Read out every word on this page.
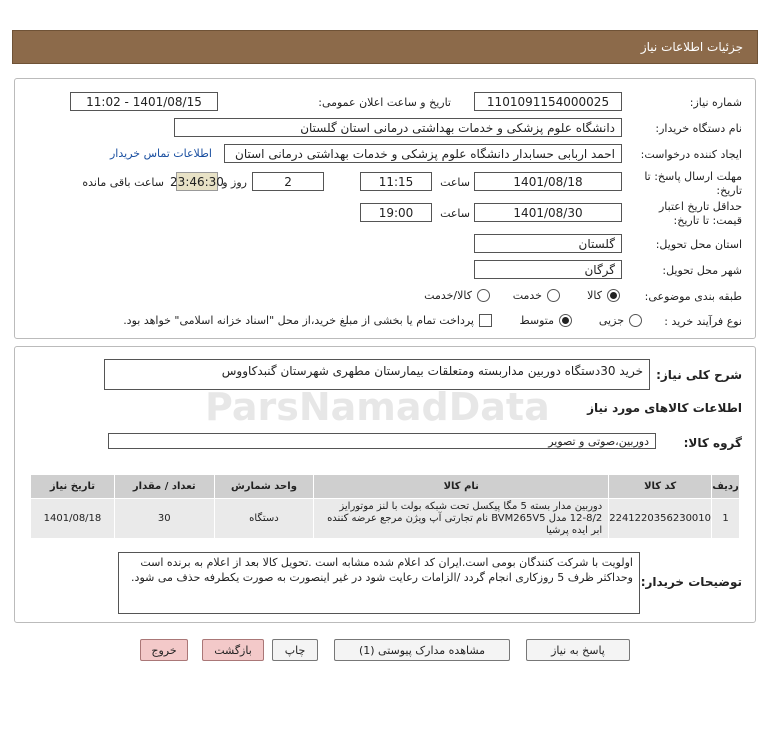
جزئیات اطلاعات نیاز
شماره نیاز:
1101091154000025
تاریخ و ساعت اعلان عمومی:
1401/08/15 - 11:02
نام دستگاه خریدار:
دانشگاه علوم پزشکی و خدمات بهداشتی درمانی استان گلستان
ایجاد کننده درخواست:
احمد اربابی حسابدار دانشگاه علوم پزشکی و خدمات بهداشتی درمانی استان
اطلاعات تماس خریدار
مهلت ارسال پاسخ: تا
تاریخ:
1401/08/18
ساعت
11:15
2
روز و
23:46:30
ساعت باقی مانده
حداقل تاریخ اعتبار
قیمت: تا تاریخ:
1401/08/30
ساعت
19:00
استان محل تحویل:
گلستان
شهر محل تحویل:
گرگان
طبقه بندی موضوعی:
کالا
خدمت
کالا/خدمت
نوع فرآیند خرید :
جزیی
متوسط
پرداخت تمام یا بخشی از مبلغ خرید،از محل "اسناد خزانه اسلامی" خواهد بود.
شرح کلی نیاز:
خرید 30دستگاه دوربین مداربسته ومتعلقات بیمارستان مطهری شهرستان گنبدکاووس
اطلاعات کالاهای مورد نیاز
گروه کالا:
دوربین،صوتی و تصویر
ردیف	کد کالا	نام کالا	واحد شمارش	تعداد / مقدار	تاریخ نیاز
1	2241220356230010	دوربین مدار بسته 5 مگا پیکسل تحت شبکه بولت با لنز موتورایز 8/2-12 مدل BVM265V5 نام تجارتی آپ ویژن مرجع عرضه کننده ابر ایده پرشیا	دستگاه	30	1401/08/18
توضیحات خریدار:
اولویت با شرکت کنندگان بومی است.ایران کد اعلام شده مشابه است .تحویل کالا بعد از اعلام به برنده است وحداکثر ظرف 5 روزکاری انجام گردد /الزامات رعایت شود در غیر اینصورت به صورت یکطرفه حذف می شود.
پاسخ به نیاز
مشاهده مدارک پیوستی (1)
چاپ
بازگشت
خروج
